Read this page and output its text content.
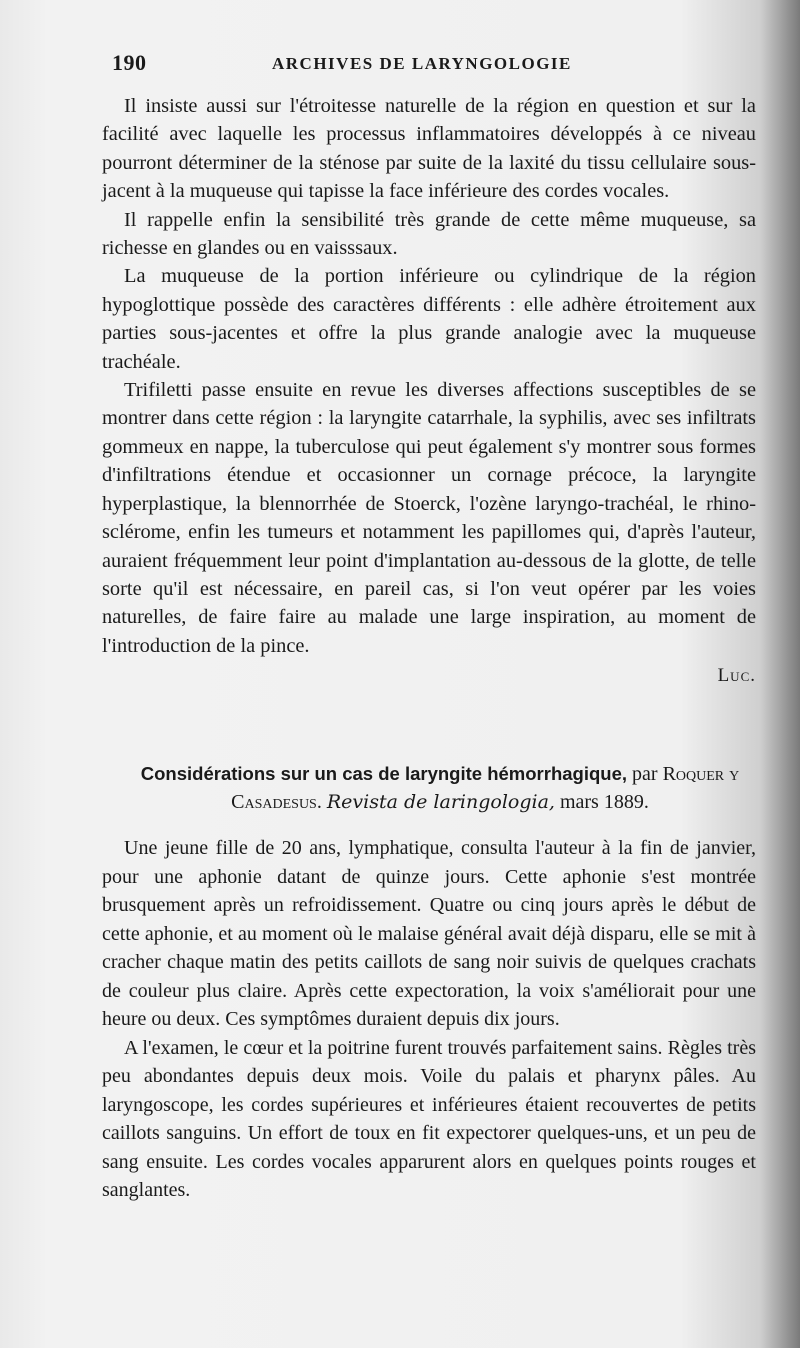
190	ARCHIVES DE LARYNGOLOGIE

Il insiste aussi sur l'étroitesse naturelle de la région en question et sur la facilité avec laquelle les processus inflammatoires développés à ce niveau pourront déterminer de la sténose par suite de la laxité du tissu cellulaire sous-jacent à la muqueuse qui tapisse la face inférieure des cordes vocales.

Il rappelle enfin la sensibilité très grande de cette même muqueuse, sa richesse en glandes ou en vaisssaux.

La muqueuse de la portion inférieure ou cylindrique de la région hypoglottique possède des caractères différents : elle adhère étroitement aux parties sous-jacentes et offre la plus grande analogie avec la muqueuse trachéale.

Trifiletti passe ensuite en revue les diverses affections susceptibles de se montrer dans cette région : la laryngite catarrhale, la syphilis, avec ses infiltrats gommeux en nappe, la tuberculose qui peut également s'y montrer sous formes d'infiltrations étendue et occasionner un cornage précoce, la laryngite hyperplastique, la blennorrhée de Stoerck, l'ozène laryngo-trachéal, le rhino-sclérome, enfin les tumeurs et notamment les papillomes qui, d'après l'auteur, auraient fréquemment leur point d'implantation au-dessous de la glotte, de telle sorte qu'il est nécessaire, en pareil cas, si l'on veut opérer par les voies naturelles, de faire faire au malade une large inspiration, au moment de l'introduction de la pince.

Luc.
Considérations sur un cas de laryngite hémorrhagique, par Roquer y Casadesus. Revista de laringologia, mars 1889.

Une jeune fille de 20 ans, lymphatique, consulta l'auteur à la fin de janvier, pour une aphonie datant de quinze jours. Cette aphonie s'est montrée brusquement après un refroidissement. Quatre ou cinq jours après le début de cette aphonie, et au moment où le malaise général avait déjà disparu, elle se mit à cracher chaque matin des petits caillots de sang noir suivis de quelques crachats de couleur plus claire. Après cette expectoration, la voix s'améliorait pour une heure ou deux. Ces symptômes duraient depuis dix jours.

A l'examen, le cœur et la poitrine furent trouvés parfaitement sains. Règles très peu abondantes depuis deux mois. Voile du palais et pharynx pâles. Au laryngoscope, les cordes supérieures et inférieures étaient recouvertes de petits caillots sanguins. Un effort de toux en fit expectorer quelques-uns, et un peu de sang ensuite. Les cordes vocales apparurent alors en quelques points rouges et sanglantes.
